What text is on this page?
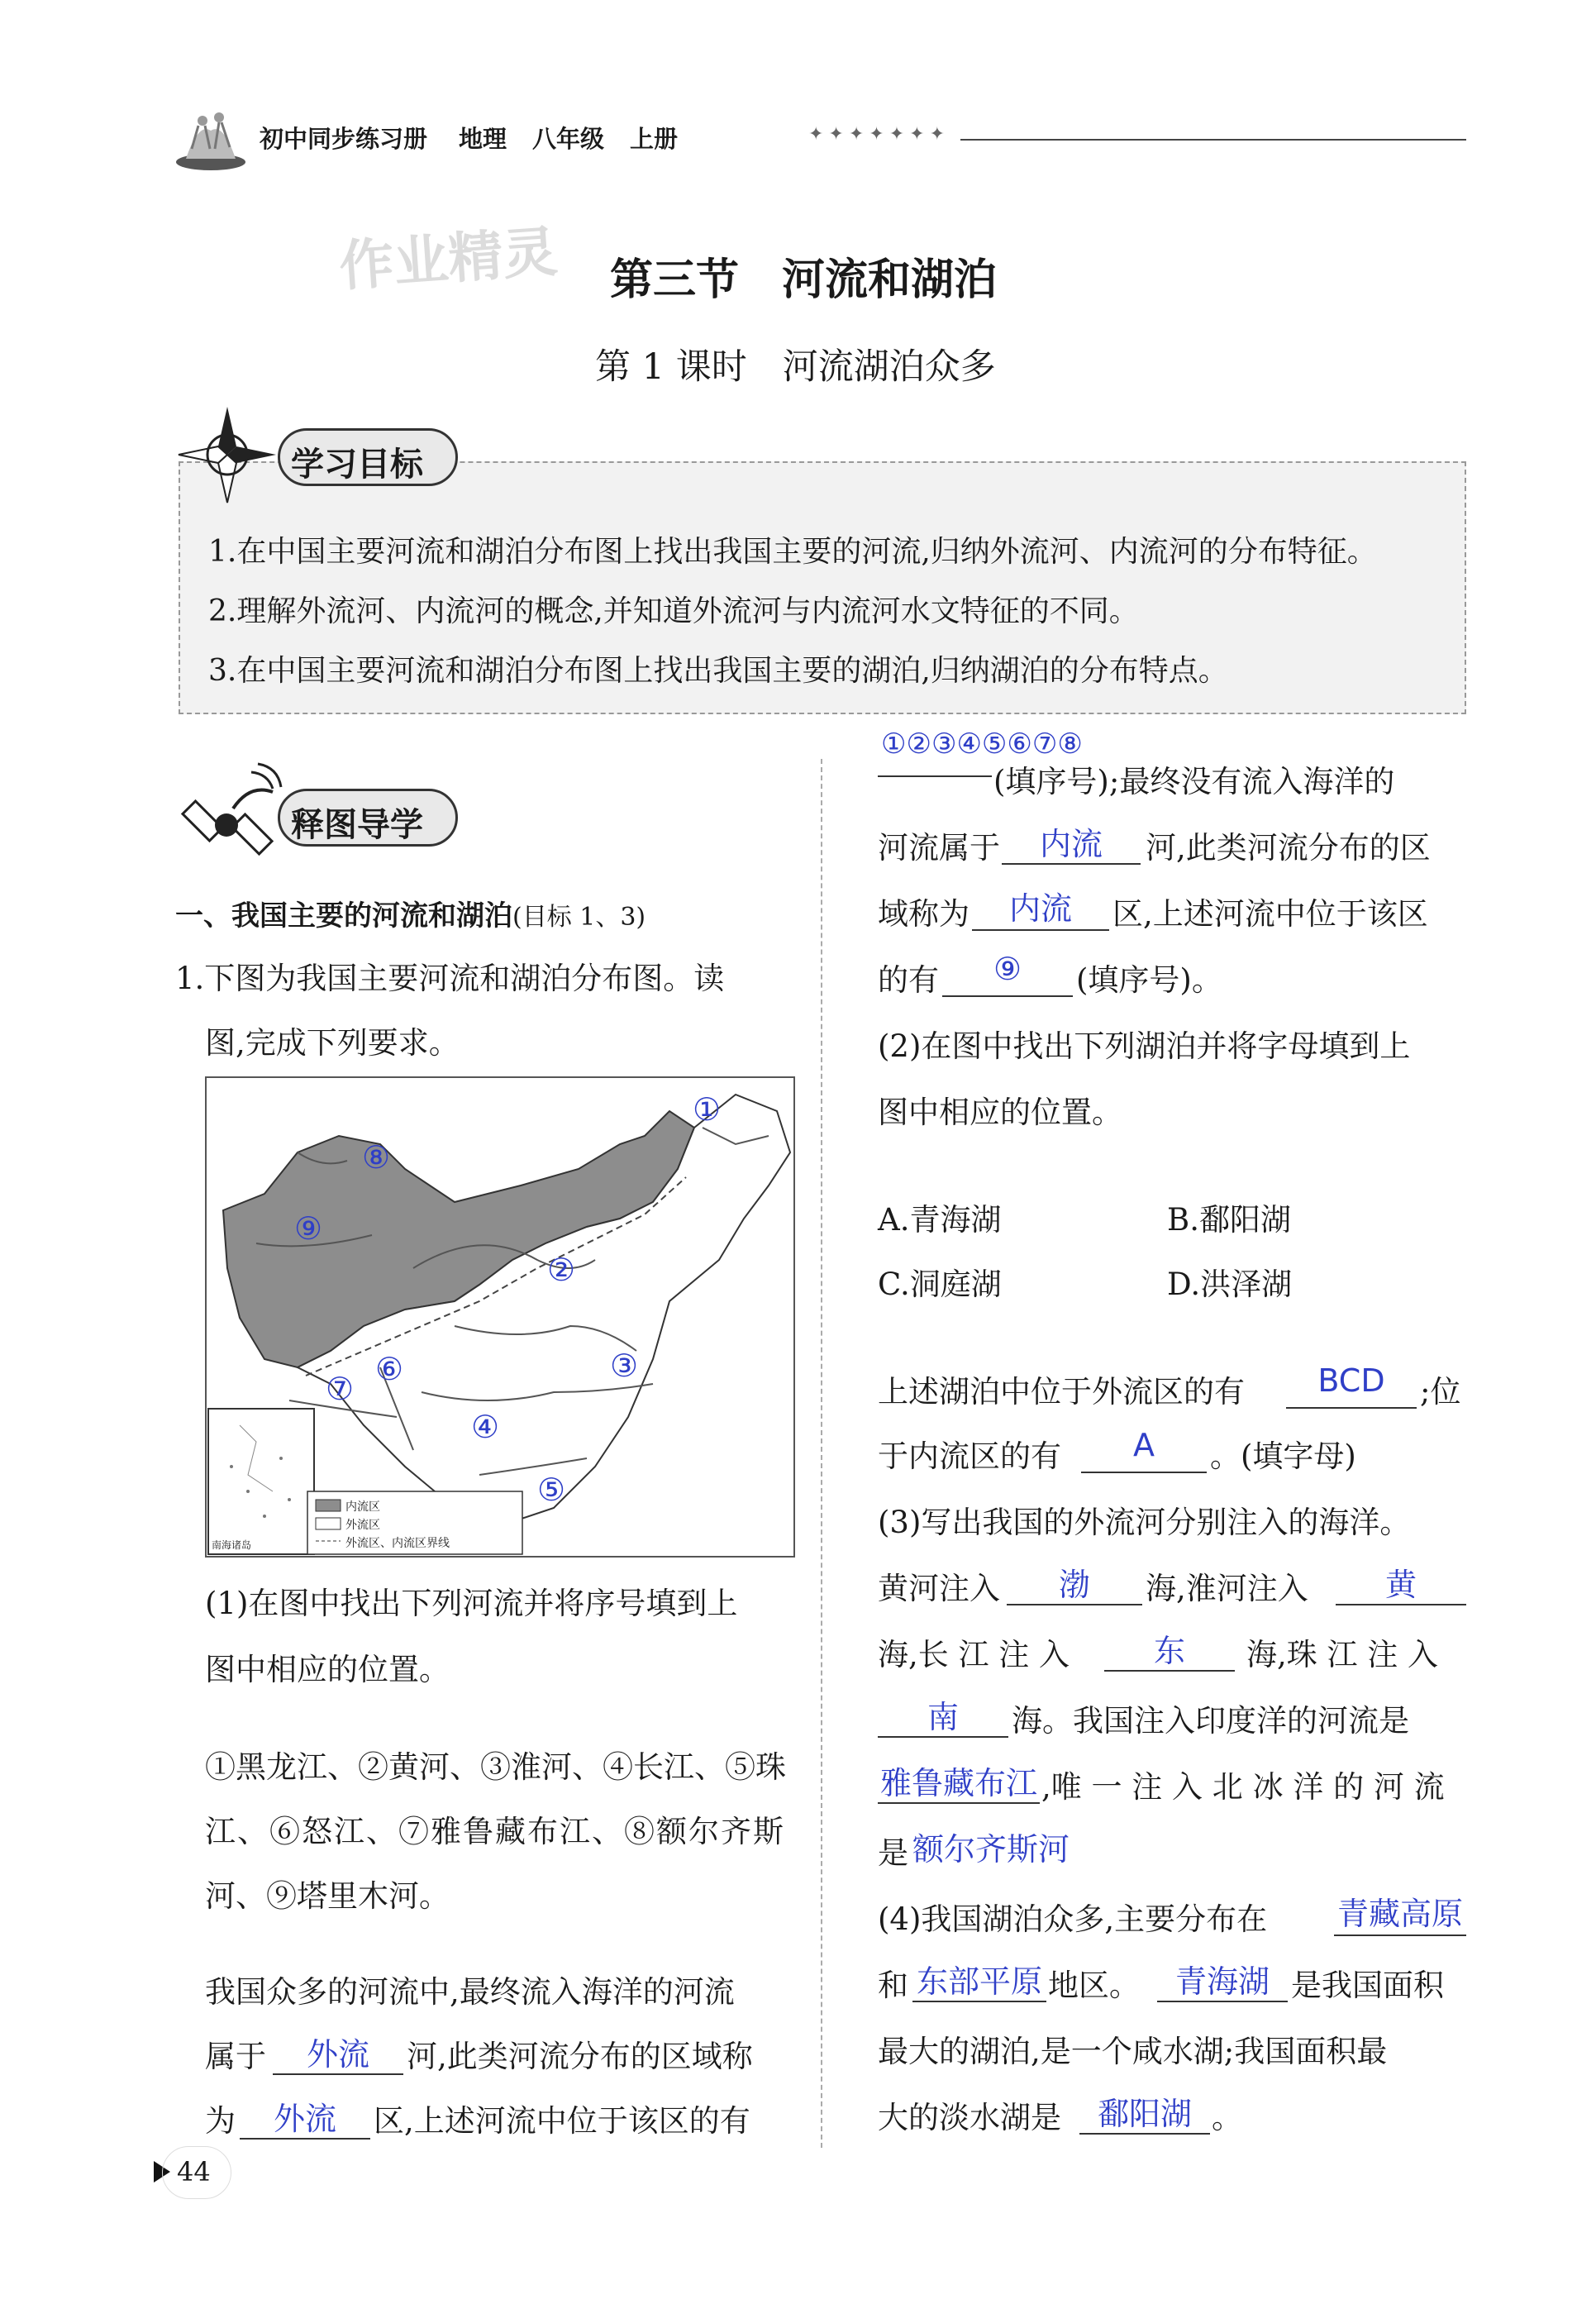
初中同步练习册 地理 八年级 上册	✦✦✦✦✦✦✦
作业精灵 第三节　河流和湖泊
第 1 课时　河流湖泊众多
学习目标
1.在中国主要河流和湖泊分布图上找出我国主要的河流,归纳外流河、内流河的分布特征。
2.理解外流河、内流河的概念,并知道外流河与内流河水文特征的不同。
3.在中国主要河流和湖泊分布图上找出我国主要的湖泊,归纳湖泊的分布特点。
释图导学
一、我国主要的河流和湖泊(目标 1、3)
1.下图为我国主要河流和湖泊分布图。读
图,完成下列要求。
内流区
外流区
外流区、内流区界线
南海诸岛
①
②
③
④
⑤
⑥
⑦
⑧
⑨
(1)在图中找出下列河流并将序号填到上
图中相应的位置。
①黑龙江、②黄河、③淮河、④长江、⑤珠
江、⑥怒江、⑦雅鲁藏布江、⑧额尔齐斯
河、⑨塔里木河。
我国众多的河流中,最终流入海洋的河流
属于	外流	河,此类河流分布的区域称
为	外流	区,上述河流中位于该区的有
①②③④⑤⑥⑦⑧
(填序号);最终没有流入海洋的
河流属于	内流	河,此类河流分布的区
域称为	内流	区,上述河流中位于该区
的有	⑨	(填序号)。
(2)在图中找出下列湖泊并将字母填到上
图中相应的位置。
A.青海湖	B.鄱阳湖
C.洞庭湖	D.洪泽湖
上述湖泊中位于外流区的有	BCD	;位
于内流区的有	A	。(填字母)
(3)写出我国的外流河分别注入的海洋。
黄河注入	渤	海,淮河注入	黄
海,长 江 注 入	东	海,珠 江 注 入
南	海。我国注入印度洋的河流是
雅鲁藏布江 ,唯 一 注 入 北 冰 洋 的 河 流
是 额尔齐斯河
(4)我国湖泊众多,主要分布在 青藏高原
和 东部平原 地区。	青海湖 是我国面积
最大的湖泊,是一个咸水湖;我国面积最
大的淡水湖是	鄱阳湖 。
44
